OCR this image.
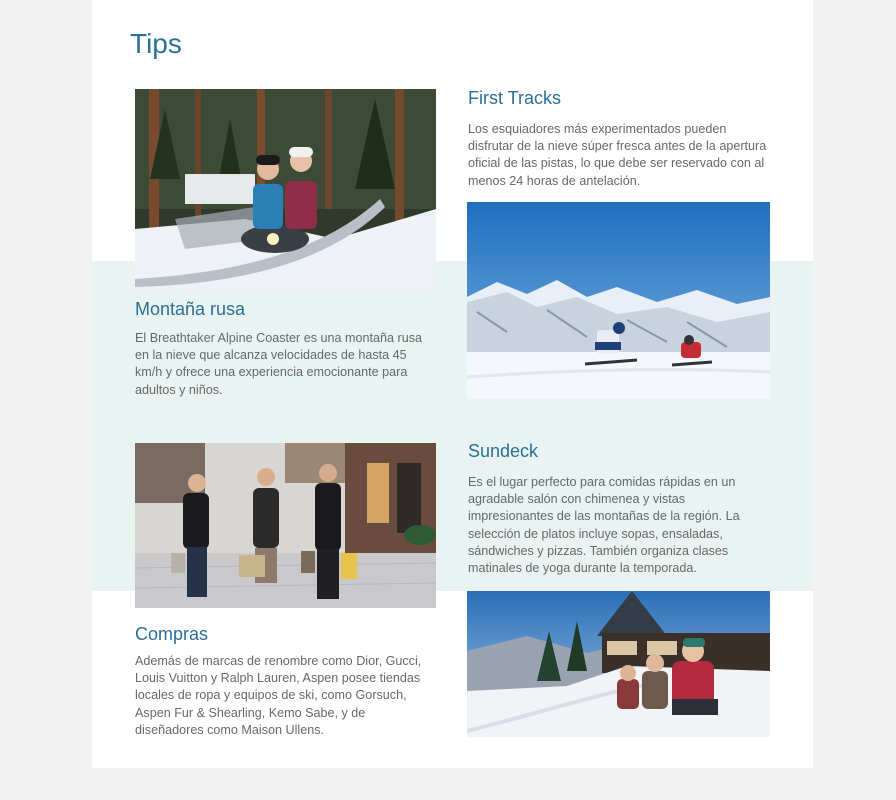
Tips
First Tracks

Los esquiadores más experimentados pueden disfrutar de la nieve súper fresca antes de la apertura oficial de las pistas, lo que debe ser reservado con al menos 24 horas de antelación.

Montaña rusa

El Breathtaker Alpine Coaster es una montaña rusa en la nieve que alcanza velocidades de hasta 45 km/h y ofrece una experiencia emocionante para adultos y niños.

Sundeck

Es el lugar perfecto para comidas rápidas en un agradable salón con chimenea y vistas impresionantes de las montañas de la región. La selección de platos incluye sopas, ensaladas, sándwiches y pizzas. También organiza clases matinales de yoga durante la temporada.

Compras

Además de marcas de renombre como Dior, Gucci, Louis Vuitton y Ralph Lauren, Aspen posee tiendas locales de ropa y equipos de ski, como Gorsuch, Aspen Fur & Shearling, Kemo Sabe, y de diseñadores como Maison Ullens.
